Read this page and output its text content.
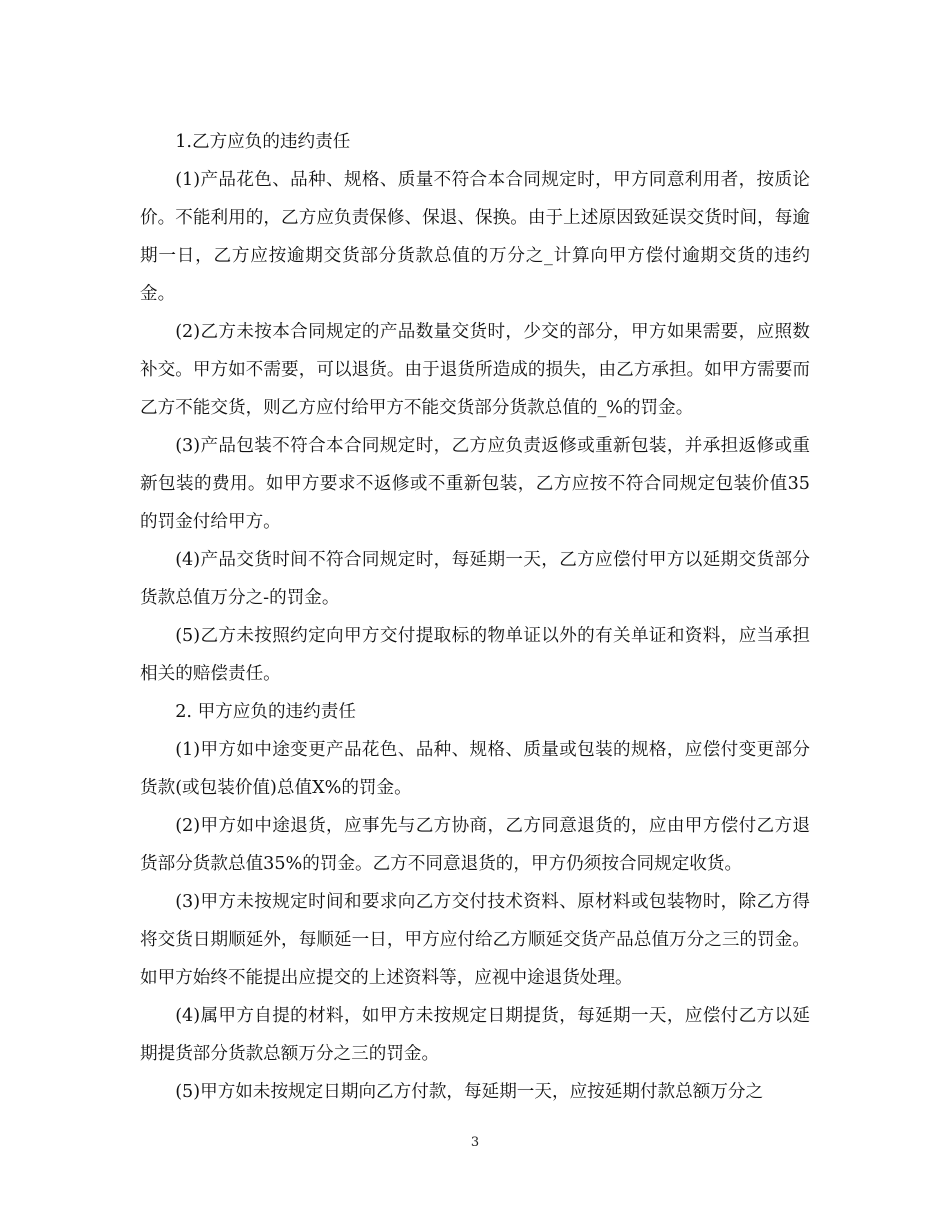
1.乙方应负的违约责任

(1)产品花色、品种、规格、质量不符合本合同规定时，甲方同意利用者，按质论价。不能利用的，乙方应负责保修、保退、保换。由于上述原因致延误交货时间，每逾期一日，乙方应按逾期交货部分货款总值的万分之_计算向甲方偿付逾期交货的违约金。

(2)乙方未按本合同规定的产品数量交货时，少交的部分，甲方如果需要，应照数补交。甲方如不需要，可以退货。由于退货所造成的损失，由乙方承担。如甲方需要而乙方不能交货，则乙方应付给甲方不能交货部分货款总值的_%的罚金。

(3)产品包装不符合本合同规定时，乙方应负责返修或重新包装，并承担返修或重新包装的费用。如甲方要求不返修或不重新包装，乙方应按不符合同规定包装价值35的罚金付给甲方。

(4)产品交货时间不符合同规定时，每延期一天，乙方应偿付甲方以延期交货部分货款总值万分之-的罚金。

(5)乙方未按照约定向甲方交付提取标的物单证以外的有关单证和资料，应当承担相关的赔偿责任。

2. 甲方应负的违约责任

(1)甲方如中途变更产品花色、品种、规格、质量或包装的规格，应偿付变更部分货款(或包装价值)总值X%的罚金。

(2)甲方如中途退货，应事先与乙方协商，乙方同意退货的，应由甲方偿付乙方退货部分货款总值35%的罚金。乙方不同意退货的，甲方仍须按合同规定收货。

(3)甲方未按规定时间和要求向乙方交付技术资料、原材料或包装物时，除乙方得将交货日期顺延外，每顺延一日，甲方应付给乙方顺延交货产品总值万分之三的罚金。如甲方始终不能提出应提交的上述资料等，应视中途退货处理。

(4)属甲方自提的材料，如甲方未按规定日期提货，每延期一天，应偿付乙方以延期提货部分货款总额万分之三的罚金。

(5)甲方如未按规定日期向乙方付款，每延期一天，应按延期付款总额万分之

3
